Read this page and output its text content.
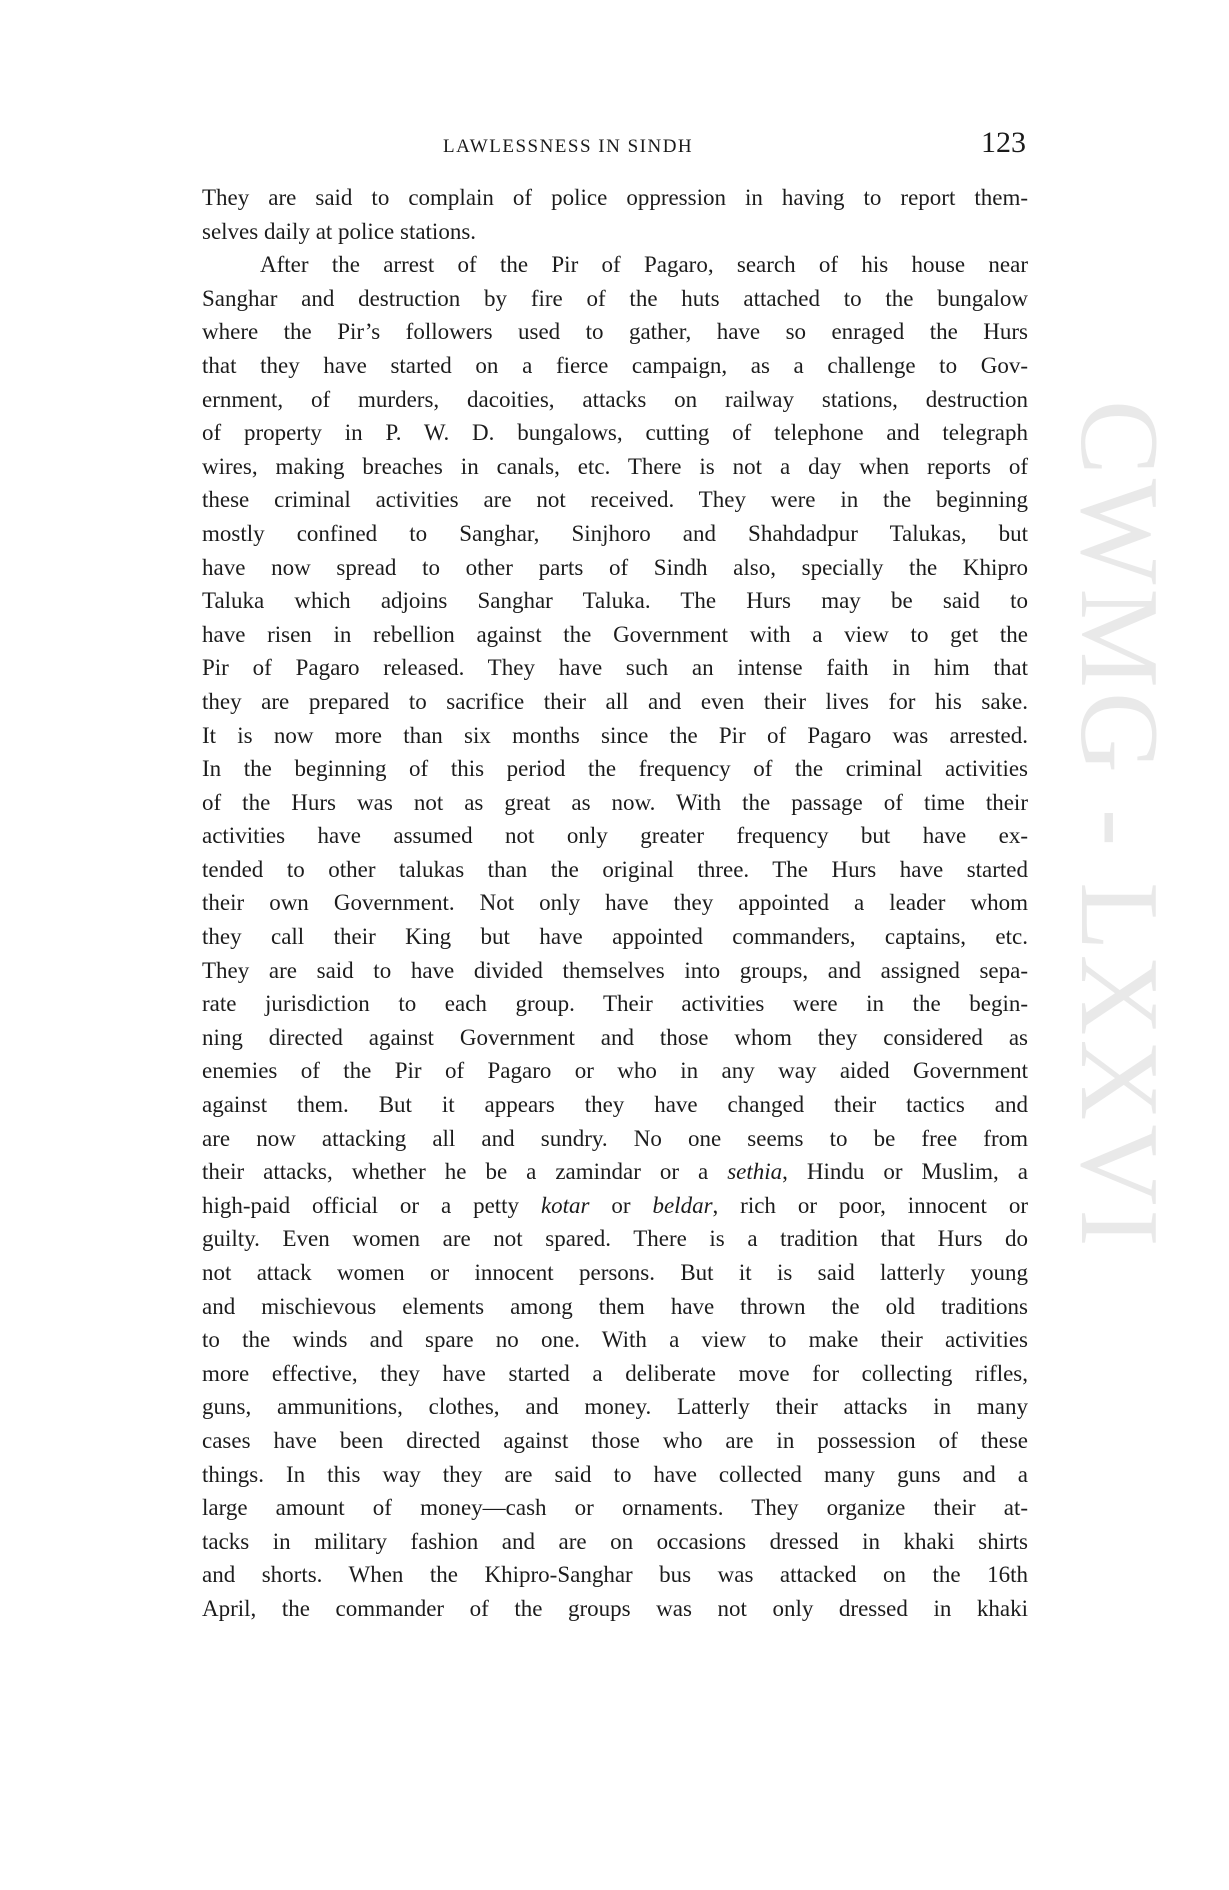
CWMG - LXXVI
LAWLESSNESS IN SINDH	123
They are said to complain of police oppression in having to report them-
selves daily at police stations.
After the arrest of the Pir of Pagaro, search of his house near
Sanghar and destruction by fire of the huts attached to the bungalow
where the Pir’s followers used to gather, have so enraged the Hurs
that they have started on a fierce campaign, as a challenge to Gov-
ernment, of murders, dacoities, attacks on railway stations, destruction
of property in P. W. D. bungalows, cutting of telephone and telegraph
wires, making breaches in canals, etc. There is not a day when reports of
these criminal activities are not received. They were in the beginning
mostly confined to Sanghar, Sinjhoro and Shahdadpur Talukas, but
have now spread to other parts of Sindh also, specially the Khipro
Taluka which adjoins Sanghar Taluka. The Hurs may be said to
have risen in rebellion against the Government with a view to get the
Pir of Pagaro released. They have such an intense faith in him that
they are prepared to sacrifice their all and even their lives for his sake.
It is now more than six months since the Pir of Pagaro was arrested.
In the beginning of this period the frequency of the criminal activities
of the Hurs was not as great as now. With the passage of time their
activities have assumed not only greater frequency but have ex-
tended to other talukas than the original three. The Hurs have started
their own Government. Not only have they appointed a leader whom
they call their King but have appointed commanders, captains, etc.
They are said to have divided themselves into groups, and assigned sepa-
rate jurisdiction to each group. Their activities were in the begin-
ning directed against Government and those whom they considered as
enemies of the Pir of Pagaro or who in any way aided Government
against them. But it appears they have changed their tactics and
are now attacking all and sundry. No one seems to be free from
their attacks, whether he be a zamindar or a sethia, Hindu or Muslim, a
high-paid official or a petty kotar or beldar, rich or poor, innocent or
guilty. Even women are not spared. There is a tradition that Hurs do
not attack women or innocent persons. But it is said latterly young
and mischievous elements among them have thrown the old traditions
to the winds and spare no one. With a view to make their activities
more effective, they have started a deliberate move for collecting rifles,
guns, ammunitions, clothes, and money. Latterly their attacks in many
cases have been directed against those who are in possession of these
things. In this way they are said to have collected many guns and a
large amount of money—cash or ornaments. They organize their at-
tacks in military fashion and are on occasions dressed in khaki shirts
and shorts. When the Khipro-Sanghar bus was attacked on the 16th
April, the commander of the groups was not only dressed in khaki
